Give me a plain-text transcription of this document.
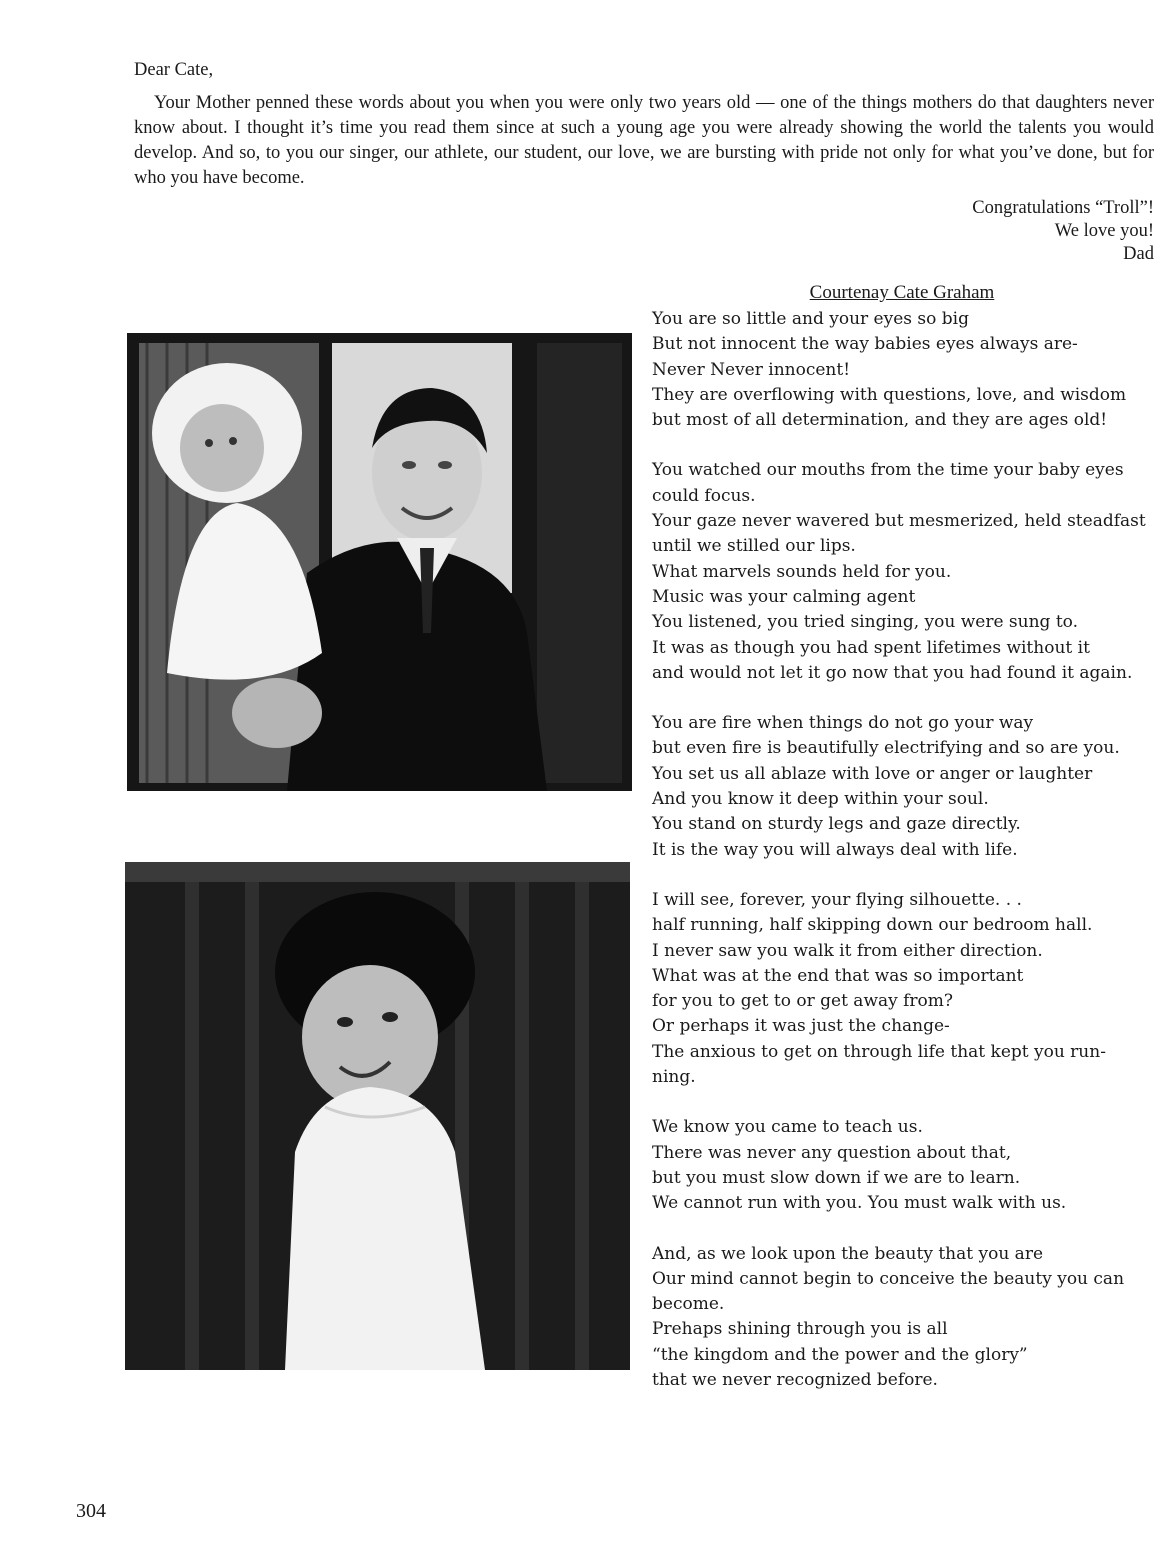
Dear Cate,

Your Mother penned these words about you when you were only two years old — one of the things mothers do that daughters never know about. I thought it’s time you read them since at such a young age you were already showing the world the talents you would develop. And so, to you our singer, our athlete, our student, our love, we are bursting with pride not only for what you’ve done, but for who you have become.

Congratulations “Troll”!
We love you!
Dad
Courtenay Cate Graham
You are so little and your eyes so big
But not innocent the way babies eyes always are-
Never Never innocent!
They are overflowing with questions, love, and wisdom
but most of all determination, and they are ages old!
You watched our mouths from the time your baby eyes
could focus.
Your gaze never wavered but mesmerized, held steadfast
until we stilled our lips.
What marvels sounds held for you.
Music was your calming agent
You listened, you tried singing, you were sung to.
It was as though you had spent lifetimes without it
and would not let it go now that you had found it again.
You are fire when things do not go your way
but even fire is beautifully electrifying and so are you.
You set us all ablaze with love or anger or laughter
And you know it deep within your soul.
You stand on sturdy legs and gaze directly.
It is the way you will always deal with life.
I will see, forever, your flying silhouette. . .
half running, half skipping down our bedroom hall.
I never saw you walk it from either direction.
What was at the end that was so important
for you to get to or get away from?
Or perhaps it was just the change-
The anxious to get on through life that kept you run-
ning.
We know you came to teach us.
There was never any question about that,
but you must slow down if we are to learn.
We cannot run with you. You must walk with us.
And, as we look upon the beauty that you are
Our mind cannot begin to conceive the beauty you can
become.
Prehaps shining through you is all
“the kingdom and the power and the glory”
that we never recognized before.
304
